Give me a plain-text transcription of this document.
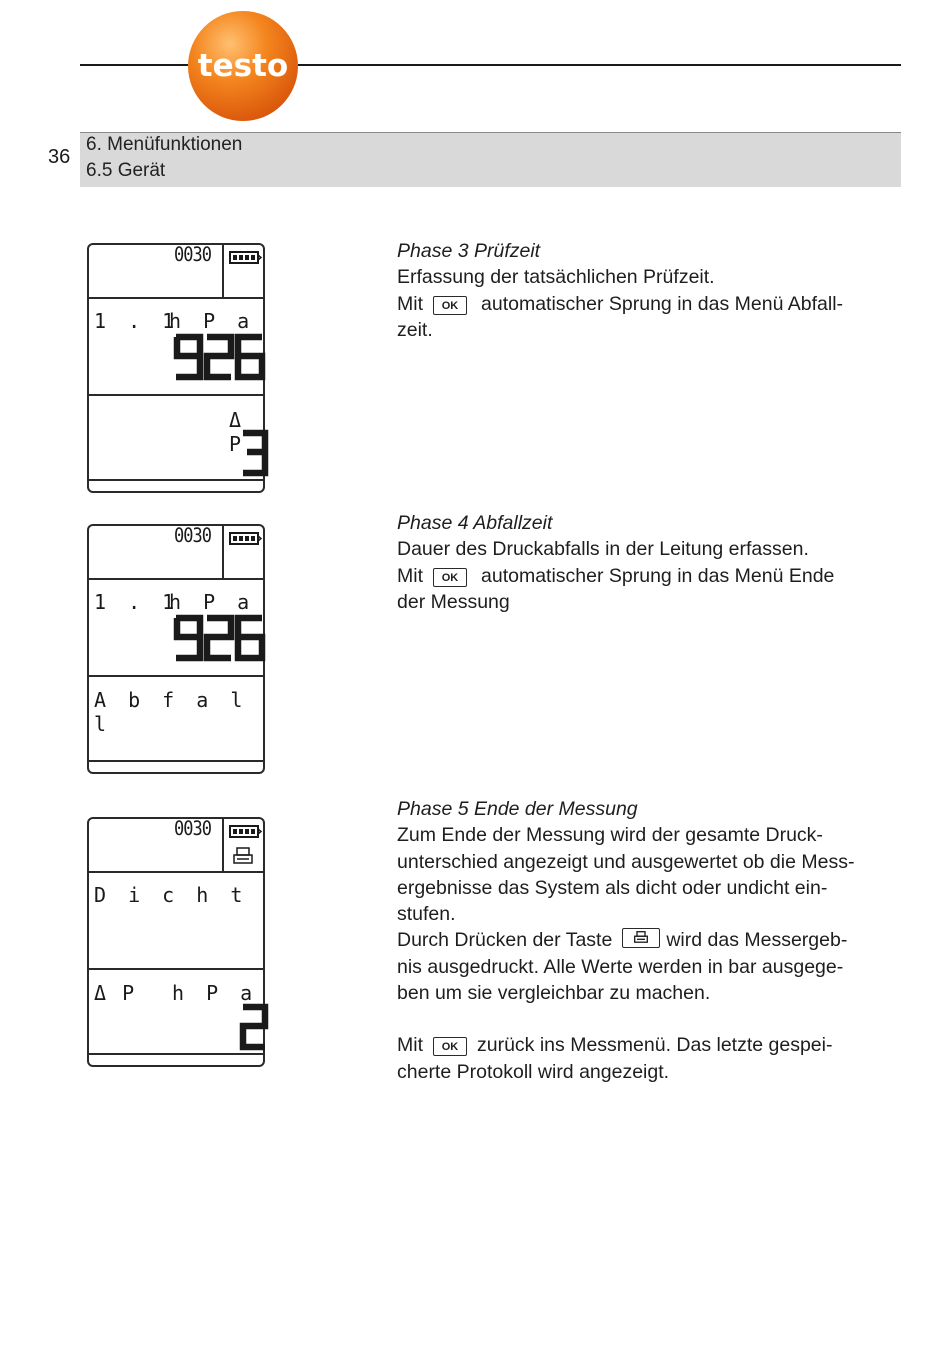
testo
36
6. Menüfunktionen
6.5 Gerät
0030
1 . 1
h P a
Δ P
0030
1 . 1
h P a
A b f a l l
0030
D i c h t
Δ P h P a
Phase 3 Prüfzeit
Erfassung der tatsächlichen Prüfzeit.
Mit OK automatischer Sprung in das Menü Abfall-
zeit.
Phase 4 Abfallzeit
Dauer des Druckabfalls in der Leitung erfassen.
Mit OK automatischer Sprung in das Menü Ende
der Messung
Phase 5 Ende der Messung
Zum Ende der Messung wird der gesamte Druck-
unterschied angezeigt und ausgewertet ob die Mess-
ergebnisse das System als dicht oder undicht ein-
stufen.
Durch Drücken der Taste	wird das Messergeb-
nis ausgedruckt. Alle Werte werden in bar ausgege-
ben um sie vergleichbar zu machen.
Mit OK zurück ins Messmenü. Das letzte gespei-
cherte Protokoll wird angezeigt.
